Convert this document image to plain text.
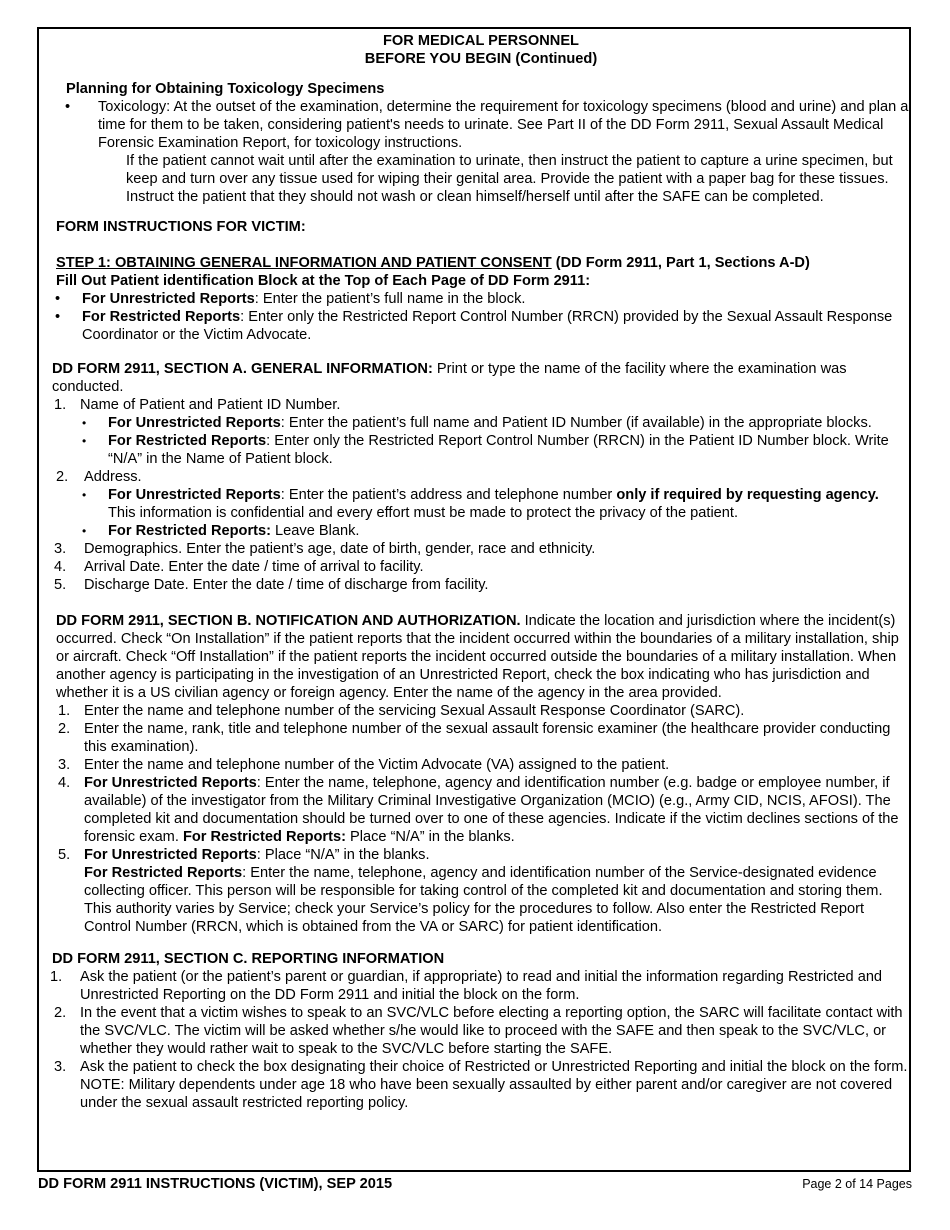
FOR MEDICAL PERSONNEL
BEFORE YOU BEGIN (Continued)
Planning for Obtaining Toxicology Specimens
• Toxicology: At the outset of the examination, determine the requirement for toxicology specimens (blood and urine) and plan a time for them to be taken, considering patient's needs to urinate. See Part II of the DD Form 2911, Sexual Assault Medical Forensic Examination Report, for toxicology instructions.
If the patient cannot wait until after the examination to urinate, then instruct the patient to capture a urine specimen, but keep and turn over any tissue used for wiping their genital area. Provide the patient with a paper bag for these tissues.
Instruct the patient that they should not wash or clean himself/herself until after the SAFE can be completed.
FORM INSTRUCTIONS FOR VICTIM:
STEP 1: OBTAINING GENERAL INFORMATION AND PATIENT CONSENT (DD Form 2911, Part 1, Sections A-D)
Fill Out Patient identification Block at the Top of Each Page of DD Form 2911:
• For Unrestricted Reports: Enter the patient’s full name in the block.
• For Restricted Reports: Enter only the Restricted Report Control Number (RRCN) provided by the Sexual Assault Response Coordinator or the Victim Advocate.
DD FORM 2911, SECTION A. GENERAL INFORMATION: Print or type the name of the facility where the examination was conducted.
1. Name of Patient and Patient ID Number.
• For Unrestricted Reports: Enter the patient’s full name and Patient ID Number (if available) in the appropriate blocks.
• For Restricted Reports: Enter only the Restricted Report Control Number (RRCN) in the Patient ID Number block. Write “N/A” in the Name of Patient block.
2. Address.
• For Unrestricted Reports: Enter the patient’s address and telephone number only if required by requesting agency. This information is confidential and every effort must be made to protect the privacy of the patient.
• For Restricted Reports: Leave Blank.
3. Demographics. Enter the patient’s age, date of birth, gender, race and ethnicity.
4. Arrival Date. Enter the date / time of arrival to facility.
5. Discharge Date. Enter the date / time of discharge from facility.
DD FORM 2911, SECTION B. NOTIFICATION AND AUTHORIZATION. Indicate the location and jurisdiction where the incident(s) occurred. Check “On Installation” if the patient reports that the incident occurred within the boundaries of a military installation, ship or aircraft. Check “Off Installation” if the patient reports the incident occurred outside the boundaries of a military installation. When another agency is participating in the investigation of an Unrestricted Report, check the box indicating who has jurisdiction and whether it is a US civilian agency or foreign agency. Enter the name of the agency in the area provided.
1. Enter the name and telephone number of the servicing Sexual Assault Response Coordinator (SARC).
2. Enter the name, rank, title and telephone number of the sexual assault forensic examiner (the healthcare provider conducting this examination).
3. Enter the name and telephone number of the Victim Advocate (VA) assigned to the patient.
4. For Unrestricted Reports: Enter the name, telephone, agency and identification number (e.g. badge or employee number, if available) of the investigator from the Military Criminal Investigative Organization (MCIO) (e.g., Army CID, NCIS, AFOSI). The completed kit and documentation should be turned over to one of these agencies. Indicate if the victim declines sections of the forensic exam. For Restricted Reports: Place “N/A” in the blanks.
5. For Unrestricted Reports: Place “N/A” in the blanks.
For Restricted Reports: Enter the name, telephone, agency and identification number of the Service-designated evidence collecting officer. This person will be responsible for taking control of the completed kit and documentation and storing them. This authority varies by Service; check your Service’s policy for the procedures to follow. Also enter the Restricted Report Control Number (RRCN, which is obtained from the VA or SARC) for patient identification.
DD FORM 2911, SECTION C. REPORTING INFORMATION
1. Ask the patient (or the patient’s parent or guardian, if appropriate) to read and initial the information regarding Restricted and Unrestricted Reporting on the DD Form 2911 and initial the block on the form.
2. In the event that a victim wishes to speak to an SVC/VLC before electing a reporting option, the SARC will facilitate contact with the SVC/VLC. The victim will be asked whether s/he would like to proceed with the SAFE and then speak to the SVC/VLC, or whether they would rather wait to speak to the SVC/VLC before starting the SAFE.
3. Ask the patient to check the box designating their choice of Restricted or Unrestricted Reporting and initial the block on the form. NOTE: Military dependents under age 18 who have been sexually assaulted by either parent and/or caregiver are not covered under the sexual assault restricted reporting policy.
DD FORM 2911 INSTRUCTIONS (VICTIM), SEP 2015	Page 2 of 14 Pages
